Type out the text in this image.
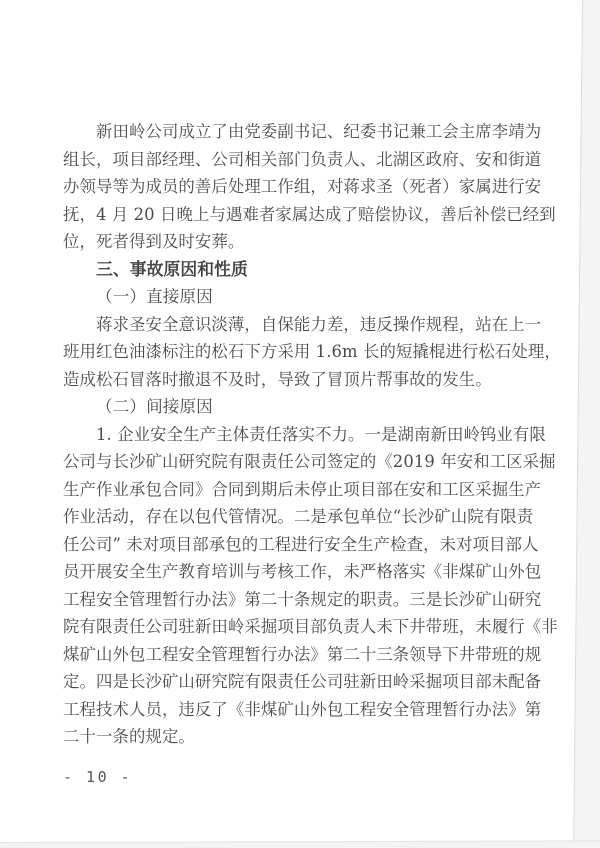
新田岭公司成立了由党委副书记、纪委书记兼工会主席李靖为
组长，项目部经理、公司相关部门负责人、北湖区政府、安和街道
办领导等为成员的善后处理工作组，对蒋求圣（死者）家属进行安
抚，4 月 20 日晚上与遇难者家属达成了赔偿协议，善后补偿已经到
位，死者得到及时安葬。
三、事故原因和性质
（一）直接原因
蒋求圣安全意识淡薄，自保能力差，违反操作规程，站在上一
班用红色油漆标注的松石下方采用 1.6m 长的短撬棍进行松石处理，
造成松石冒落时撤退不及时，导致了冒顶片帮事故的发生。
（二）间接原因
1. 企业安全生产主体责任落实不力。一是湖南新田岭钨业有限
公司与长沙矿山研究院有限责任公司签定的《2019 年安和工区采掘
生产作业承包合同》合同到期后未停止项目部在安和工区采掘生产
作业活动，存在以包代管情况。二是承包单位“长沙矿山院有限责
任公司” 未对项目部承包的工程进行安全生产检查，未对项目部人
员开展安全生产教育培训与考核工作，未严格落实《非煤矿山外包
工程安全管理暂行办法》第二十条规定的职责。三是长沙矿山研究
院有限责任公司驻新田岭采掘项目部负责人未下井带班，未履行《非
煤矿山外包工程安全管理暂行办法》第二十三条领导下井带班的规
定。四是长沙矿山研究院有限责任公司驻新田岭采掘项目部未配备
工程技术人员，违反了《非煤矿山外包工程安全管理暂行办法》第
二十一条的规定。
- 10 -
